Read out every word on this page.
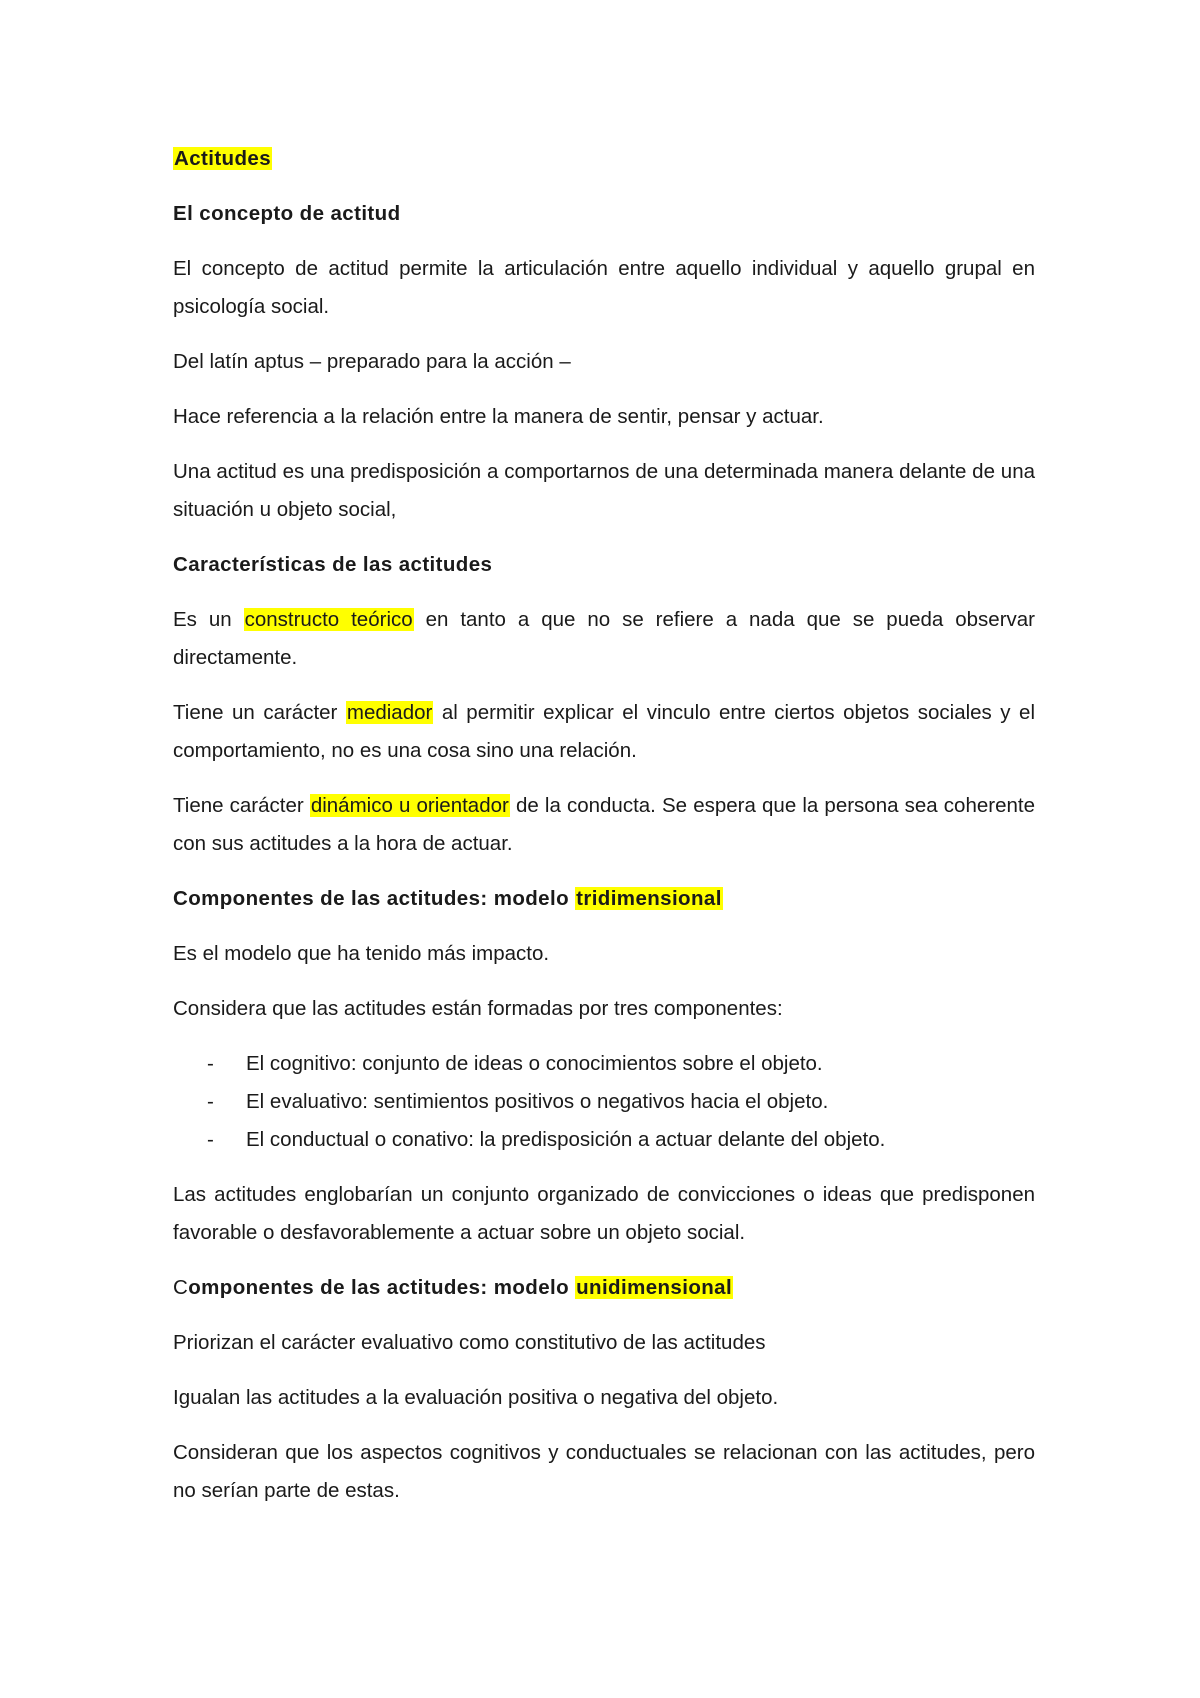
Actitudes

El concepto de actitud

El concepto de actitud permite la articulación entre aquello individual y aquello grupal en psicología social.

Del latín aptus – preparado para la acción –

Hace referencia a la relación entre la manera de sentir, pensar y actuar.

Una actitud es una predisposición a comportarnos de una determinada manera delante de una situación u objeto social,

Características de las actitudes

Es un constructo teórico en tanto a que no se refiere a nada que se pueda observar directamente.

Tiene un carácter mediador al permitir explicar el vinculo entre ciertos objetos sociales y el comportamiento, no es una cosa sino una relación.

Tiene carácter dinámico u orientador de la conducta. Se espera que la persona sea coherente con sus actitudes a la hora de actuar.

Componentes de las actitudes: modelo tridimensional

Es el modelo que ha tenido más impacto.

Considera que las actitudes están formadas por tres componentes:

- El cognitivo: conjunto de ideas o conocimientos sobre el objeto.
- El evaluativo: sentimientos positivos o negativos hacia el objeto.
- El conductual o conativo: la predisposición a actuar delante del objeto.

Las actitudes englobarían un conjunto organizado de convicciones o ideas que predisponen favorable o desfavorablemente a actuar sobre un objeto social.

Componentes de las actitudes: modelo unidimensional

Priorizan el carácter evaluativo como constitutivo de las actitudes

Igualan las actitudes a la evaluación positiva o negativa del objeto.

Consideran que los aspectos cognitivos y conductuales se relacionan con las actitudes, pero no serían parte de estas.
